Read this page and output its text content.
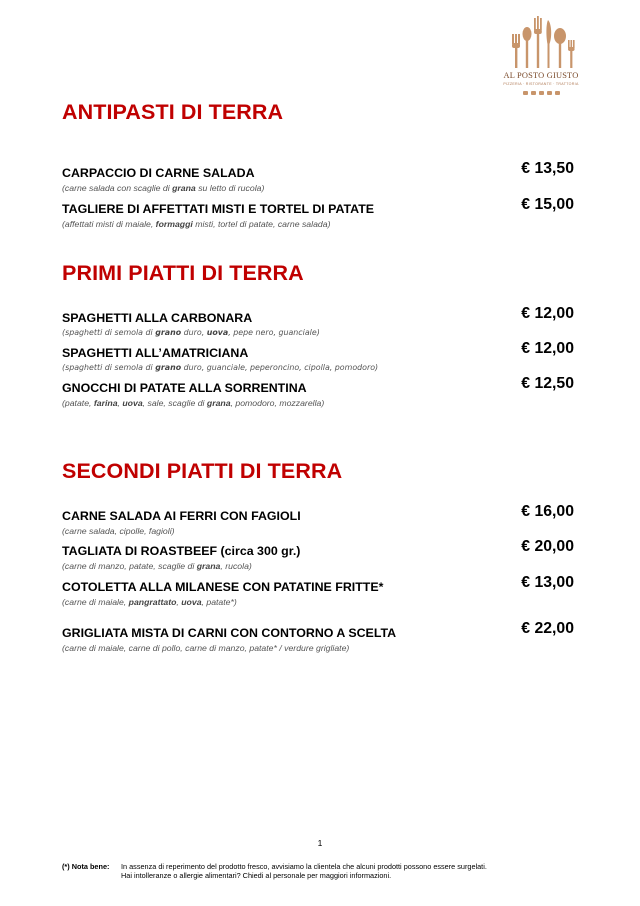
AL POSTO GIUSTO
PIZZERIA · RISTORANTE · TRATTORIA
ANTIPASTI DI TERRA
CARPACCIO DI CARNE SALADA
(carne salada con scaglie di grana su letto di rucola)
€ 13,50
TAGLIERE DI AFFETTATI MISTI E TORTEL DI PATATE
(affettati misti di maiale, formaggi misti, tortel di patate, carne salada)
€ 15,00
PRIMI PIATTI DI TERRA
SPAGHETTI ALLA CARBONARA
(spaghetti di semola di grano duro, uova, pepe nero, guanciale)
€ 12,00
SPAGHETTI ALL’AMATRICIANA
(spaghetti di semola di grano duro, guanciale, peperoncino, cipolla, pomodoro)
€ 12,00
GNOCCHI DI PATATE ALLA SORRENTINA
(patate, farina, uova, sale, scaglie di grana, pomodoro, mozzarella)
€ 12,50
SECONDI PIATTI DI TERRA
CARNE SALADA AI FERRI CON FAGIOLI
(carne salada, cipolle, fagioli)
€ 16,00
TAGLIATA DI ROASTBEEF (circa 300 gr.)
(carne di manzo, patate, scaglie di grana, rucola)
€ 20,00
COTOLETTA ALLA MILANESE CON PATATINE FRITTE*
(carne di maiale, pangrattato, uova, patate*)
€ 13,00
GRIGLIATA MISTA DI CARNI CON CONTORNO A SCELTA
(carne di maiale, carne di pollo, carne di manzo, patate* / verdure grigliate)
€ 22,00
1
(*) Nota bene: In assenza di reperimento del prodotto fresco, avvisiamo la clientela che alcuni prodotti possono essere surgelati.
Hai intolleranze o allergie alimentari? Chiedi al personale per maggiori informazioni.
